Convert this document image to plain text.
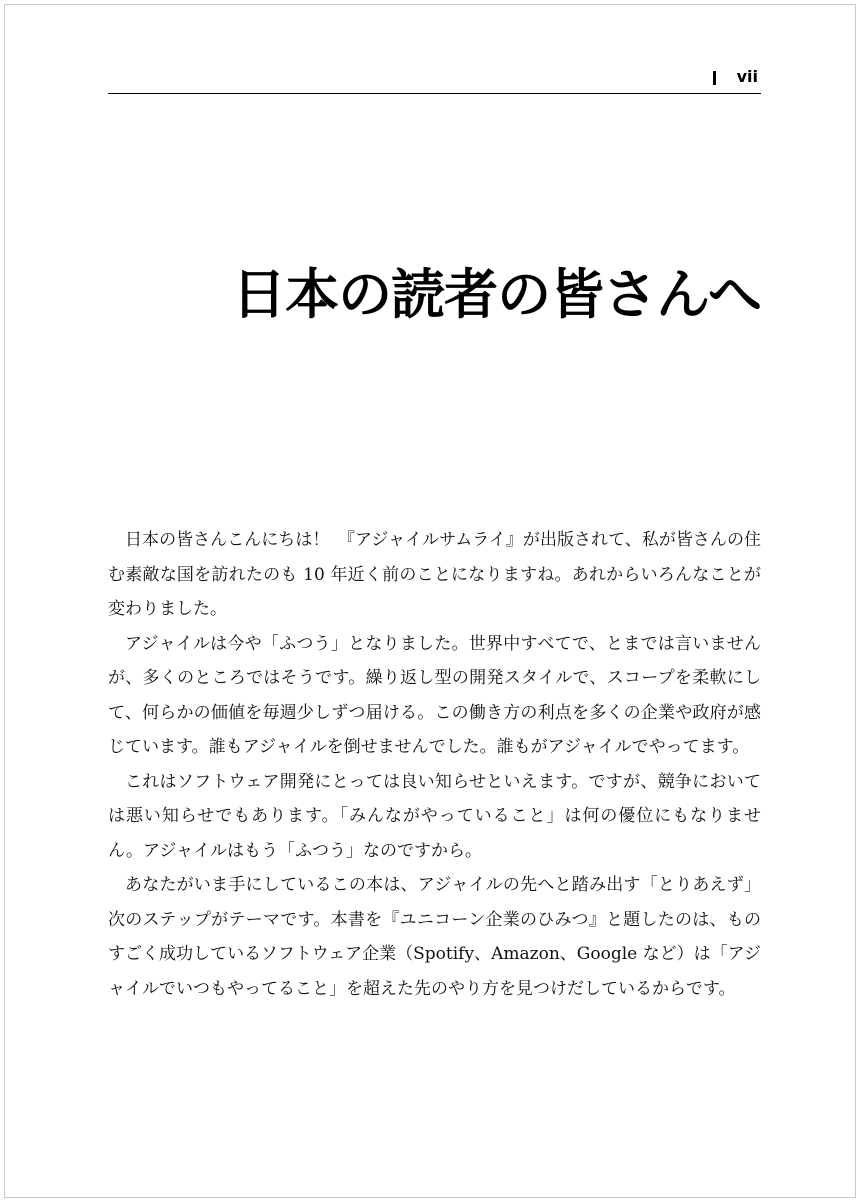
vii
日本の読者の皆さんへ

日本の皆さんこんにちは！　『アジャイルサムライ』が出版されて、私が皆さんの住む素敵な国を訪れたのも 10 年近く前のことになりますね。あれからいろんなことが変わりました。

アジャイルは今や「ふつう」となりました。世界中すべてで、とまでは言いませんが、多くのところではそうです。繰り返し型の開発スタイルで、スコープを柔軟にして、何らかの価値を毎週少しずつ届ける。この働き方の利点を多くの企業や政府が感じています。誰もアジャイルを倒せませんでした。誰もがアジャイルでやってます。

これはソフトウェア開発にとっては良い知らせといえます。ですが、競争においては悪い知らせでもあります。「みんながやっていること」は何の優位にもなりません。アジャイルはもう「ふつう」なのですから。

あなたがいま手にしているこの本は、アジャイルの先へと踏み出す「とりあえず」次のステップがテーマです。本書を『ユニコーン企業のひみつ』と題したのは、ものすごく成功しているソフトウェア企業（Spotify、Amazon、Google など）は「アジャイルでいつもやってること」を超えた先のやり方を見つけだしているからです。
